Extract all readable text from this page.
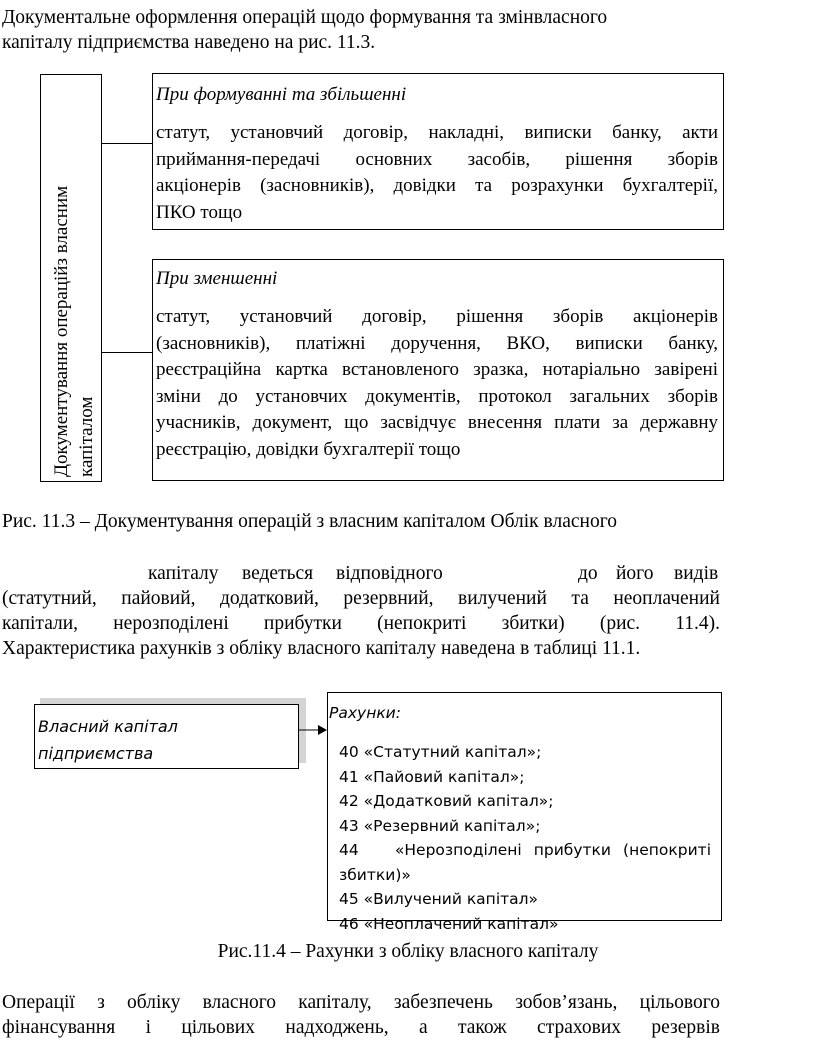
Документальне оформлення операцій щодо формування та змінвласного
капіталу підприємства наведено на рис. 11.3.
Документування операційз власним капіталом
При формуванні та збільшенні
статут, установчий договір, накладні, виписки банку, акти
приймання-передачі основних засобів, рішення зборів
акціонерів (засновників), довідки та розрахунки бухгалтерії,
ПКО тощо
При зменшенні
статут, установчий договір, рішення зборів акціонерів
(засновників), платіжні доручення, ВКО, виписки банку,
реєстраційна картка встановленого зразка, нотаріально завірені
зміни до установчих документів, протокол загальних зборів
учасників, документ, що засвідчує внесення плати за державну
реєстрацію, довідки бухгалтерії тощо
Рис. 11.3 – Документування операцій з власним капіталом Облік власного
капіталу ведеться відповідного	до його видів
(статутний, пайовий, додатковий, резервний, вилучений та неоплачений
капітали, нерозподілені прибутки (непокриті збитки) (рис. 11.4).
Характеристика рахунків з обліку власного капіталу наведена в таблиці 11.1.
Власний капітал
підприємства
Рахунки:
40 «Статутний капітал»;
41 «Пайовий капітал»;
42 «Додатковий капітал»;
43 «Резервний капітал»;
44   «Нерозподілені прибутки (непокриті
збитки)»
45 «Вилучений капітал»
46 «Неоплачений капітал»
Рис.11.4 – Рахунки з обліку власного капіталу
Операції з обліку власного капіталу, забезпечень зобов’язань, цільового
фінансування і цільових надходжень, а також страхових резервів
